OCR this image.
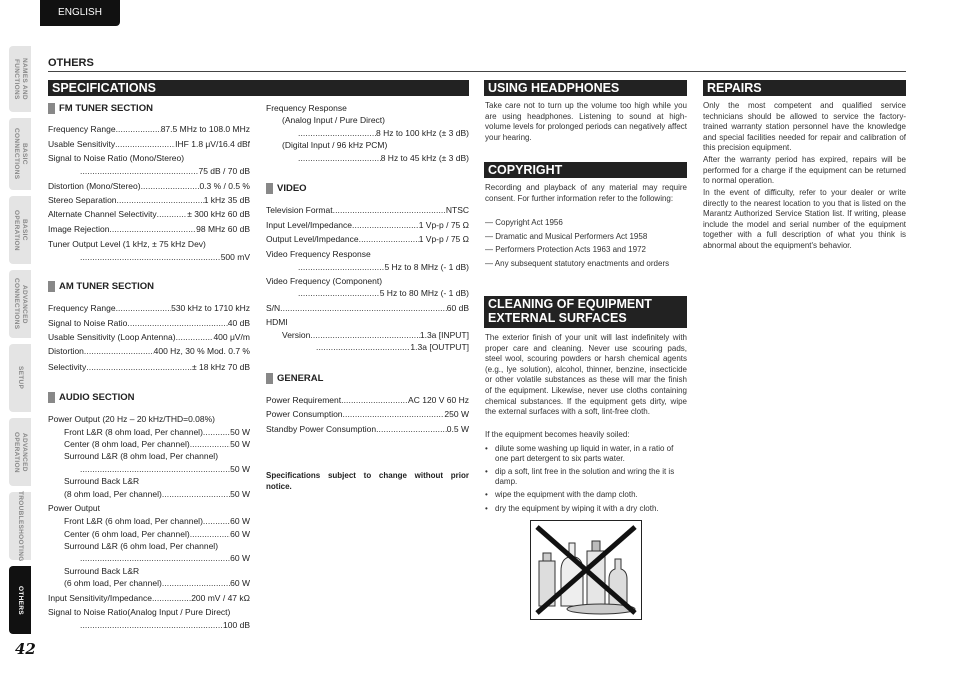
ENGLISH
NAMES AND
FUNCTIONS
BASIC
CONNECTIONS
BASIC
OPERATION
ADVANCED
CONNECTIONS
SETUP
ADVANCED
OPERATION
TROUBLESHOOTING
OTHERS
42
OTHERS
SPECIFICATIONS
Specifications subject to change without prior notice.
USING HEADPHONES
Take care not to turn up the volume too high while you are using headphones. Listening to sound at high-volume levels for prolonged periods can negatively affect your hearing.
COPYRIGHT
Recording and playback of any material may require consent. For further information refer to the following:
— Copyright Act 1956
— Dramatic and Musical Performers Act 1958
— Performers Protection Acts 1963 and 1972
— Any subsequent statutory enactments and orders
CLEANING OF EQUIPMENT
EXTERNAL SURFACES
The exterior finish of your unit will last indefinitely with proper care and cleaning. Never use scouring pads, steel wool, scouring powders or harsh chemical agents (e.g., lye solution), alcohol, thinner, benzine, insecticide or other volatile substances as these will mar the finish of the equipment. Likewise, never use cloths containing chemical substances. If the equipment gets dirty, wipe the external surfaces with a soft, lint-free cloth.
If the equipment becomes heavily soiled:
• dilute some washing up liquid in water, in a ratio of one part detergent to six parts water.
• dip a soft, lint free in the solution and wring the it is damp.
• wipe the equipment with the damp cloth.
• dry the equipment by wiping it with a dry cloth.
REPAIRS
Only the most competent and qualified service technicians should be allowed to service the factory-trained warranty station personnel have the knowledge and special facilities needed for repair and calibration of this precision equipment.
After the warranty period has expired, repairs will be performed for a charge if the equipment can be returned to normal operation.
In the event of difficulty, refer to your dealer or write directly to the nearest location to you that is listed on the Marantz Authorized Service Station list. If writing, please include the model and serial number of the equipment together with a full description of what you think is abnormal about the equipment's behavior.
FM TUNER SECTION
Frequency Range .....	87.5 MHz to 108.0 MHz
Usable Sensitivity .....	IHF 1.8 μV/16.4 dBf
Signal to Noise Ratio (Mono/Stereo)
.....
75 dB / 70 dB
Distortion (Mono/Stereo) .....	0.3 % / 0.5 %
Stereo Separation .....	1 kHz 35 dB
Alternate Channel Selectivity .....	± 300 kHz 60 dB
Image Rejection .....	98 MHz 60 dB
Tuner Output Level (1 kHz, ± 75 kHz Dev)
.....
500 mV
AM TUNER SECTION
Frequency Range .....	530 kHz to 1710 kHz
Signal to Noise Ratio .....	40 dB
Usable Sensitivity (Loop Antenna) .....	400 μV/m
Distortion .....	400 Hz, 30 % Mod. 0.7 %
Selectivity .....	± 18 kHz 70 dB
AUDIO SECTION
Power Output (20 Hz – 20 kHz/THD=0.08%)
Front L&R (8 ohm load, Per channel) .....	50 W
Center (8 ohm load, Per channel) .....	50 W
Surround L&R (8 ohm load, Per channel)
.....
50 W
Surround Back L&R
(8 ohm load, Per channel) .....	50 W
Power Output
Front L&R (6 ohm load, Per channel) .....	60 W
Center (6 ohm load, Per channel) .....	60 W
Surround L&R (6 ohm load, Per channel)
.....
60 W
Surround Back L&R
(6 ohm load, Per channel) .....	60 W
Input Sensitivity/Impedance .....	200 mV / 47 kΩ
Signal to Noise Ratio(Analog Input / Pure Direct)
.....
100 dB
Frequency Response
(Analog Input / Pure Direct)
.....
8 Hz to 100 kHz (± 3 dB)
(Digital Input / 96 kHz PCM)
.....
8 Hz to 45 kHz (± 3 dB)
VIDEO
Television Format .....	NTSC
Input Level/Impedance .....	1 Vp-p / 75 Ω
Output Level/Impedance .....	1 Vp-p / 75 Ω
Video Frequency Response
.....
5 Hz to 8 MHz (- 1 dB)
Video Frequency (Component)
.....
5 Hz to 80 MHz (- 1 dB)
S/N .....	60 dB
HDMI
Version .....	1.3a [INPUT]
.....
1.3a [OUTPUT]
GENERAL
Power Requirement .....	AC 120 V 60 Hz
Power Consumption .....	250 W
Standby Power Consumption .....	0.5 W
